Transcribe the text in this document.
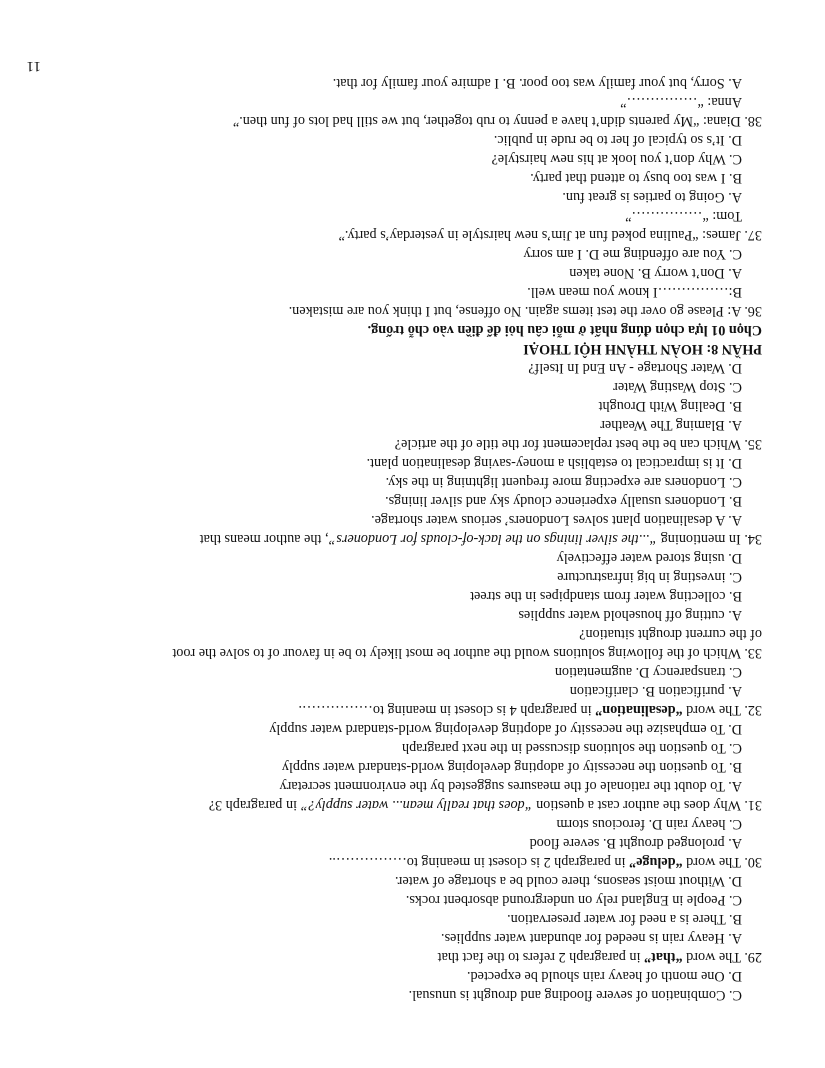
11
C. Combination of severe flooding and drought is unusual.
D. One month of heavy rain should be expected.
29. The word “that” in paragraph 2 refers to the fact that
A. Heavy rain is needed for abundant water supplies.
B. There is a need for water preservation.
C. People in England rely on underground absorbent rocks.
D. Without moist seasons, there could be a shortage of water.
30. The word “deluge” in paragraph 2 is closest in meaning to……………..
A. prolonged drought B. severe flood
C. heavy rain D. ferocious storm
31. Why does the author cast a question “does that really mean... water supply?” in paragraph 3?
A. To doubt the rationale of the measures suggested by the environment secretary
B. To question the necessity of adopting developing world-standard water supply
C. To question the solutions discussed in the next paragraph
D. To emphasize the necessity of adopting developing world-standard water supply
32. The word “desalination” in paragraph 4 is closest in meaning to…………….
A. purification B. clarification
C. transparency D. augmentation
33. Which of the following solutions would the author be most likely to be in favour of to solve the root
of the current drought situation?
A. cutting off household water supplies
B. collecting water from standpipes in the street
C. investing in big infrastructure
D. using stored water effectively
34. In mentioning “...the silver linings on the lack-of-clouds for Londoners”, the author means that
A. A desalination plant solves Londoners’ serious water shortage.
B. Londoners usually experience cloudy sky and silver linings.
C. Londoners are expecting more frequent lightning in the sky.
D. It is impractical to establish a money-saving desalination plant.
35. Which can be the best replacement for the title of the article?
A. Blaming The Weather
B. Dealing With Drought
C. Stop Wasting Water
D. Water Shortage - An End In Itself?
PHẦN 8: HOÀN THÀNH HỘI THOẠI
Chọn 01 lựa chọn đúng nhất ở mỗi câu hỏi để điền vào chỗ trống.
36. A: Please go over the test items again. No offense, but I think you are mistaken.
B:……………I know you mean well.
A. Don’t worry B. None taken
C. You are offending me D. I am sorry
37. James: “Paulina poked fun at Jim’s new hairstyle in yesterday’s party.”
Tom: “……………”
A. Going to parties is great fun.
B. I was too busy to attend that party.
C. Why don’t you look at his new hairstyle?
D. It’s so typical of her to be rude in public.
38. Diana: “My parents didn’t have a penny to rub together, but we still had lots of fun then.”
Anna: “……………”
A. Sorry, but your family was too poor. B. I admire your family for that.
